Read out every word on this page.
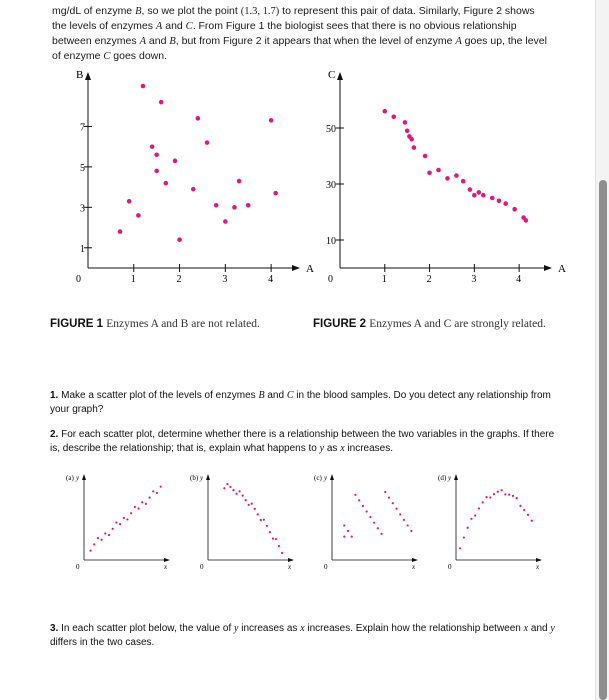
mg/dL of enzyme B, so we plot the point (1.3, 1.7) to represent this pair of data. Similarly, Figure 2 shows the levels of enzymes A and C. From Figure 1 the biologist sees that there is no obvious relationship between enzymes A and B, but from Figure 2 it appears that when the level of enzyme A goes up, the level of enzyme C goes down.
A
B
0	1	2	3	4
1
3
5
7
FIGURE 1 Enzymes A and B are not related.
A
C
0	1	2	3	4
10
30
50
FIGURE 2 Enzymes A and C are strongly related.
1. Make a scatter plot of the levels of enzymes B and C in the blood samples. Do you detect any relationship from your graph?
2. For each scatter plot, determine whether there is a relationship between the two variables in the graphs. If there is, describe the relationship; that is, explain what happens to y as x increases.
(a) y
x
0
(b) y
x
0
(c) y
x
0
(d) y
x
0
3. In each scatter plot below, the value of y increases as x increases. Explain how the relationship between x and y differs in the two cases.
